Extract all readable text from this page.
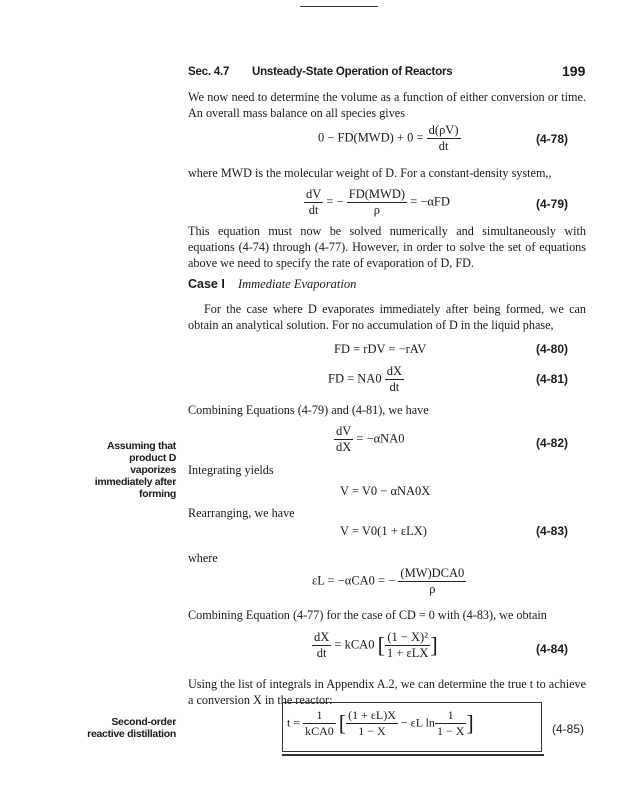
Sec. 4.7 Unsteady-State Operation of Reactors	199
We now need to determine the volume as a function of either conversion or time. An overall mass balance on all species gives
$0 - FD(MWD) + 0 = \frac{d(\rho V)}{dt}$	(4-78)
where MWD is the molecular weight of D. For a constant-density system,,
$\frac{dV}{dt}$ = − $\frac{\text{FD(MWD)}}{\rho} = -\alpha FD$	(4-79)
This equation must now be solved numerically and simultaneously with equations (4-74) through (4-77). However, in order to solve the set of equations above we need to specify the rate of evaporation of D, FD.
Case I Immediate Evaporation
For the case where D evaporates immediately after being formed, we can obtain an analytical solution. For no accumulation of D in the liquid phase,
FD = rDV = −rAV	(4-80)
FD = $NA0 \frac{dX}{dt}$	(4-81)
Combining Equations (4-79) and (4-81), we have
$\frac{dV}{dX} = -\alpha NA0$	(4-82)
Assuming that product D vaporizes immediately after forming
Integrating yields
V = V0 − αNA0X
Rearranging, we have
V = V0(1 + εLX)	(4-83)
where
εL = −αCA0 = − $\frac{\text{(MW)DCA0}}{\rho}$
Combining Equation (4-77) for the case of CD = 0 with (4-83), we obtain
$\frac{dX}{dt} = kCA0$ [ $\frac{\text{(1 − X)²}}{\text{1 + εLX}}$ ]	(4-84)
Using the list of integrals in Appendix A.2, we can determine the true t to achieve a conversion X in the reactor:
Second-order reactive distillation
$t = \frac{1}{\text{kCA0}}$ [ $\frac{(1 + \varepsilon L)X}{1 - X} - \varepsilon L$ $\ln \frac{1}{1 - X}$ ]	(4-85)
